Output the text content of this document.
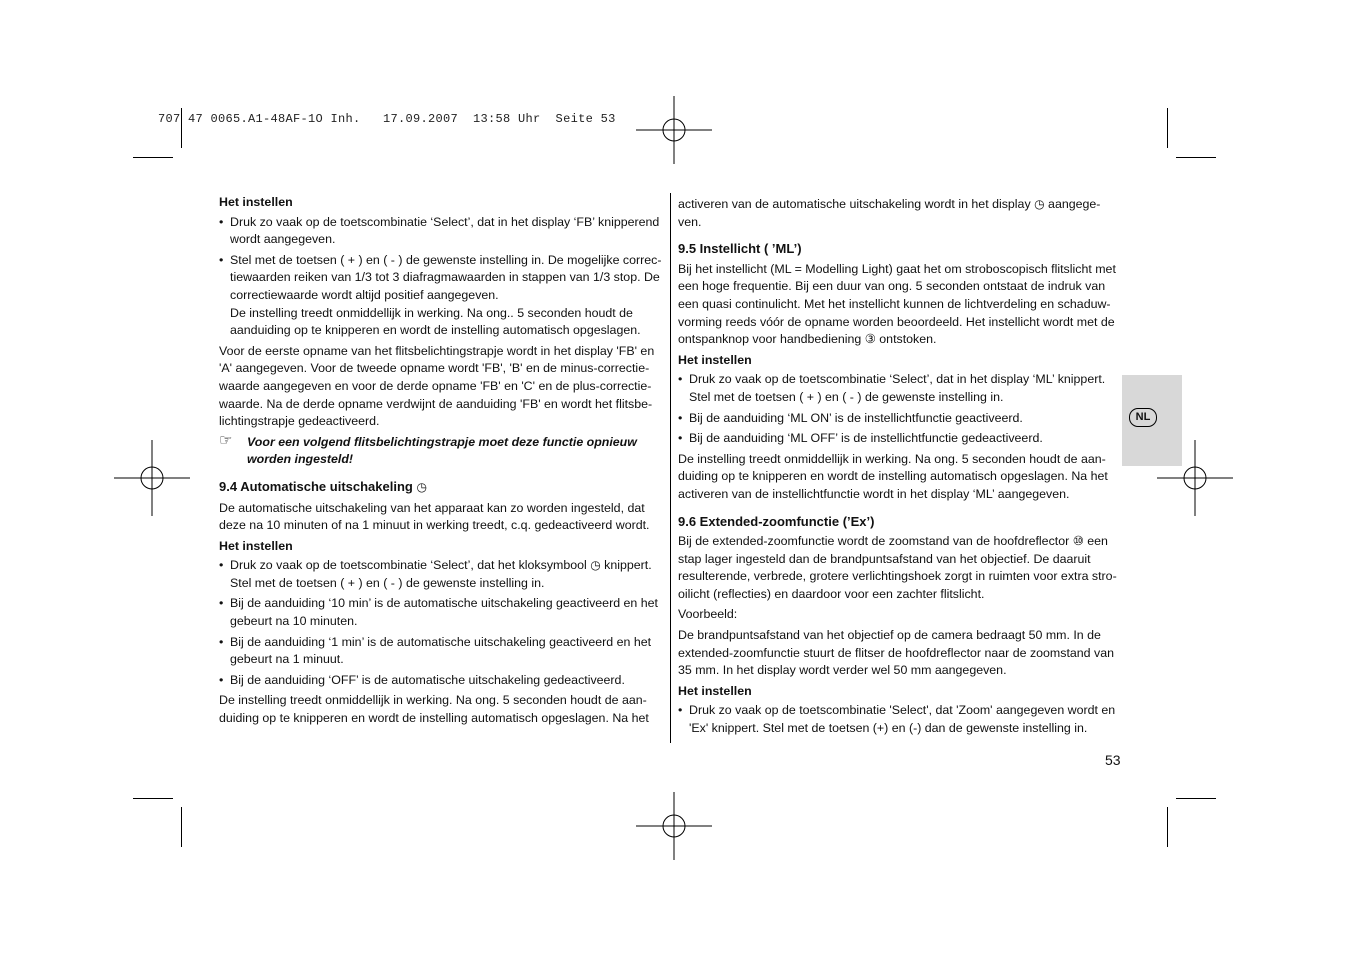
707 47 0065.A1-48AF-1O Inh.   17.09.2007  13:58 Uhr  Seite 53

Het instellen

• Druk zo vaak op de toetscombinatie ‘Select’, dat in het display ‘FB’ knipperend wordt aangegeven.
• Stel met de toetsen ( + ) en ( - ) de gewenste instelling in. De mogelijke correc-tiewaarden reiken van 1/3 tot 3 diafragmawaarden in stappen van 1/3 stop. De correctiewaarde wordt altijd positief aangegeven.
De instelling treedt onmiddellijk in werking. Na ong.. 5 seconden houdt de aanduiding op te knipperen en wordt de instelling automatisch opgeslagen.

Voor de eerste opname van het flitsbelichtingstrapje wordt in het display 'FB' en 'A' aangegeven. Voor de tweede opname wordt 'FB', 'B' en de minus-correctie-waarde aangegeven en voor de derde opname 'FB' en 'C' en de plus-correctie-waarde. Na de derde opname verdwijnt de aanduiding 'FB' en wordt het flitsbe-lichtingstrapje gedeactiveerd.

☞ Voor een volgend flitsbelichtingstrapje moet deze functie opnieuw worden ingesteld!
9.4 Automatische uitschakeling ◷

De automatische uitschakeling van het apparaat kan zo worden ingesteld, dat deze na 10 minuten of na 1 minuut in werking treedt, c.q. gedeactiveerd wordt.

Het instellen

• Druk zo vaak op de toetscombinatie ‘Select’, dat het kloksymbool ◷ knippert. Stel met de toetsen ( + ) en ( - ) de gewenste instelling in.
• Bij de aanduiding ‘10 min’ is de automatische uitschakeling geactiveerd en het gebeurt na 10 minuten.
• Bij de aanduiding ‘1 min’ is de automatische uitschakeling geactiveerd en het gebeurt na 1 minuut.
• Bij de aanduiding ‘OFF’ is de automatische uitschakeling gedeactiveerd.

De instelling treedt onmiddellijk in werking. Na ong. 5 seconden houdt de aan-duiding op te knipperen en wordt de instelling automatisch opgeslagen. Na het

activeren van de automatische uitschakeling wordt in het display ◷ aangege-ven.

9.5 Instellicht ( ’ML’)

Bij het instellicht (ML = Modelling Light) gaat het om stroboscopisch flitslicht met een hoge frequentie. Bij een duur van ong. 5 seconden ontstaat de indruk van een quasi continulicht. Met het instellicht kunnen de lichtverdeling en schaduw-vorming reeds vóór de opname worden beoordeeld. Het instellicht wordt met de ontspanknop voor handbediening ③ ontstoken.

Het instellen

• Druk zo vaak op de toetscombinatie ‘Select’, dat in het display ‘ML’ knippert. Stel met de toetsen ( + ) en ( - ) de gewenste instelling in.
• Bij de aanduiding ‘ML ON’ is de instellichtfunctie geactiveerd.
• Bij de aanduiding ‘ML OFF’ is de instellichtfunctie gedeactiveerd.

De instelling treedt onmiddellijk in werking. Na ong. 5 seconden houdt de aan-duiding op te knipperen en wordt de instelling automatisch opgeslagen. Na het activeren van de instellichtfunctie wordt in het display ‘ML’ aangegeven.

9.6 Extended-zoomfunctie (’Ex’)

Bij de extended-zoomfunctie wordt de zoomstand van de hoofdreflector ⑩ een stap lager ingesteld dan de brandpuntsafstand van het objectief. De daaruit resulterende, verbrede, grotere verlichtingshoek zorgt in ruimten voor extra stro-oilicht (reflecties) en daardoor voor een zachter flitslicht.

Voorbeeld:

De brandpuntsafstand van het objectief op de camera bedraagt 50 mm. In de extended-zoomfunctie stuurt de flitser de hoofdreflector naar de zoomstand van 35 mm. In het display wordt verder wel 50 mm aangegeven.

Het instellen

• Druk zo vaak op de toetscombinatie 'Select', dat 'Zoom' aangegeven wordt en 'Ex' knippert. Stel met de toetsen (+) en (-) dan de gewenste instelling in.
NL
53
